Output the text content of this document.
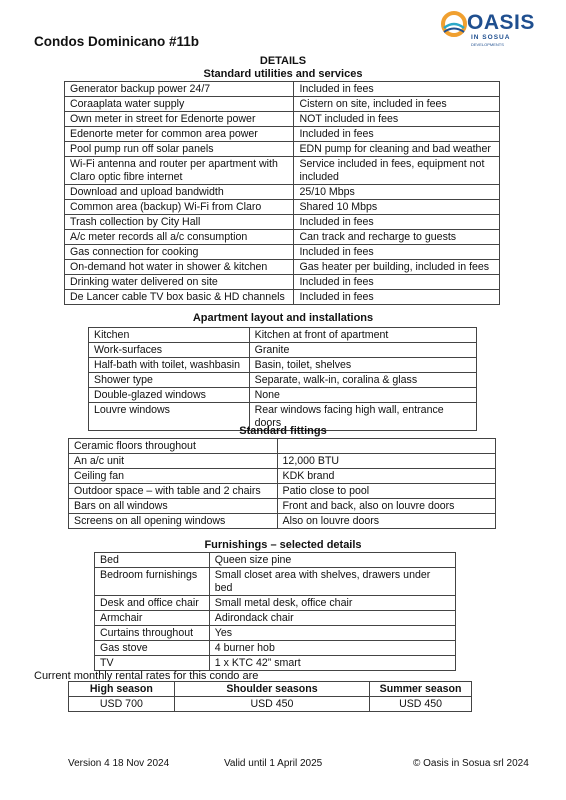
Condos Dominicano #11b
OASIS
IN SOSUA
DEVELOPMENTS
DETAILS
Standard utilities and services
Generator backup power 24/7	Included in fees
Coraaplata water supply	Cistern on site, included in fees
Own meter in street for Edenorte power	NOT included in fees
Edenorte meter for common area power	Included in fees
Pool pump run off solar panels	EDN pump for cleaning and bad weather
Wi-Fi antenna and router per apartment with Claro optic fibre internet	Service included in fees, equipment not included
Download and upload bandwidth	25/10 Mbps
Common area (backup) Wi-Fi from Claro	Shared 10 Mbps
Trash collection by City Hall	Included in fees
A/c meter records all a/c consumption	Can track and recharge to guests
Gas connection for cooking	Included in fees
On-demand hot water in shower & kitchen	Gas heater per building, included in fees
Drinking water delivered on site	Included in fees
De Lancer cable TV box basic & HD channels	Included in fees
Apartment layout and installations
Kitchen	Kitchen at front of apartment
Work-surfaces	Granite
Half-bath with toilet, washbasin	Basin, toilet, shelves
Shower type	Separate, walk-in, coralina & glass
Double-glazed windows	None
Louvre windows	Rear windows facing high wall, entrance doors
Standard fittings
Ceramic floors throughout	
An a/c unit	12,000 BTU
Ceiling fan	KDK brand
Outdoor space – with table and 2 chairs	Patio close to pool
Bars on all windows	Front and back, also on louvre doors
Screens on all opening windows	Also on louvre doors
Furnishings – selected details
Bed	Queen size pine
Bedroom furnishings	Small closet area with shelves, drawers under bed
Desk and office chair	Small metal desk, office chair
Armchair	Adirondack chair
Curtains throughout	Yes
Gas stove	4 burner hob
TV	1 x KTC 42” smart
Current monthly rental rates for this condo are
High season	Shoulder seasons	Summer season
USD 700	USD 450	USD 450
Version 4 18 Nov 2024	Valid until 1 April 2025	© Oasis in Sosua srl 2024
